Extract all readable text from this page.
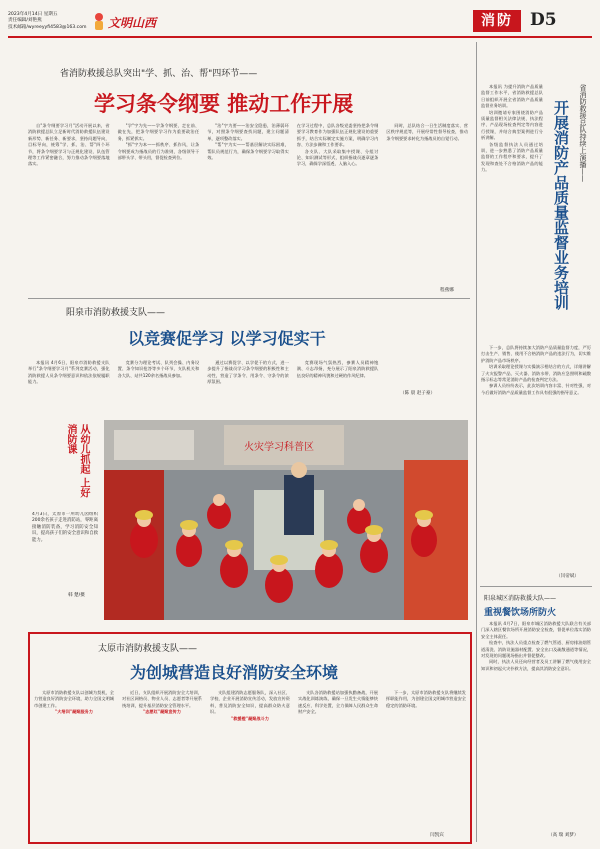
2023年4月14日 星期五
责任编辑/刘艳燕
技术邮箱/wyreeyyfi4583@163.com	文明山西	消防	D5
省消防救援总队突出"学、抓、治、帮"四环节——
学习条令纲要 推动工作开展

自"条令纲要学习月"活动开展以来，省消防救援总队立足新时代消防救援队伍建设新形势、新任务、新要求，坚持问题导向，目标导向，统筹"学、抓、治、帮"四个环节，将条令纲要学习与正规化建设、队伍管理等工作紧密融合，努力推动条令纲要落地落实。

"学"字为先——学条令纲要，走在前、做在先，把条令纲要学习作为重要政治任务，抓紧抓实。

"抓"字为本——抓秩序、抓作风，让条令纲要成为指战员的行为准则，各级领导干部带头学、带头用，督促检查到位。

"治"字为要——治安全隐患，治薄弱环节，对照条令纲要查找问题，建立问题清单，逐项整改落实。

"帮"字为实——帮基层解决实际困难，帮队员规范行为，确保条令纲要学习取得实效。

在学习过程中，总队各级党委坚持把条令纲要学习教育作为加强队伍正规化建设的重要抓手，结合实际制定实施方案，明确学习内容、方法步骤和工作要求。

各支队、大队采取集中授课、分组讨论、知识测试等形式，组织指战员逐章逐条学习，确保学深悟透、入脑入心。

同时，总队结合一日生活制度落实、营区秩序规范等，开展经常性督导检查，推动条令纲要要求转化为指战员的自觉行动。

程燕娜
阳泉市消防救援支队——
以竞赛促学习 以学习促实干

本报讯 4月6日，阳泉市消防救援支队举行"条令纲要学习月"系列竞赛活动，强化消防救援人员条令纲要意识和依法依规履职能力。

竞赛分为理论考试、队列会操、内务设置、条令知识抢答等多个环节，支队机关和各大队、站共120余名指战员参加。

通过以赛促学、以学促干的方式，进一步提升了指战员学习条令纲要的积极性和主动性，营造了学条令、用条令、守条令的浓厚氛围。

竞赛现场气氛热烈，参赛人员精神饱满、斗志昂扬，充分展示了阳泉消防救援队伍良好的精神风貌和过硬的作风纪律。

（陈 晨 赵子豪）
从幼儿抓起 上好消防课
4月3日，太原市一所幼儿园组织200余名孩子走进消防站，零距离接触消防装备，学习消防安全知识，提高孩子们的安全意识和自救能力。
韩 楚/摄
火灾学习科普区
太原市消防救援支队——
为创城营造良好消防安全环境

太原市消防救援支队以创城为契机，全力营造良好消防安全环境，助力全国文明城市创建工作。

"大培训"凝聚服务力

近日，支队组织开展消防安全大培训，对社区网格员、物业人员、志愿者等开展系统培训，提升基层消防安全管理水平。

"志愿红"凝聚宣传力

支队组建消防志愿服务队，深入社区、学校、企业开展消防宣传活动，发放宣传资料，普及消防安全知识，提高群众防火意识。

"救援橙"凝聚战斗力

支队各消防救援站加强执勤备战，开展实战化训练演练，确保一旦发生火情能够快速反应、科学处置，全力保障人民群众生命财产安全。

下一步，太原市消防救援支队将继续发挥职能作用，为创建全国文明城市营造安全稳定的消防环境。

闫凯宾
省消防救援总队持续上演播——
开展消防产品质量监督业务培训

本报讯 为提升消防产品质量监督工作水平，省消防救援总队日前组织开展全省消防产品质量监督业务培训。

培训邀请专家围绕消防产品质量监督相关法律法规、执法程序、产品现场检查判定等内容进行授课，并结合典型案例进行分析讲解。

各级监督执法人员通过培训，进一步熟悉了消防产品质量监督的工作程序和要求，提升了发现和查处不合格消防产品的能力。

下一步，总队将持续加大消防产品质量监督力度，严厉打击生产、销售、使用不合格消防产品的违法行为，切实维护消防产品市场秩序。

培训采取理论授课与实操演示相结合的方式，详细讲解了火灾报警产品、灭火器、消防水带、消防应急照明和疏散指示标志等常见消防产品的检查判定方法。

参训人员纷纷表示，此次培训内容丰富、针对性强，对今后做好消防产品质量监督工作具有很强的指导意义。

（闫帝斌）
阳泉城区消防救援大队——
重视餐饮场所防火

本报讯 4月7日，阳泉市城区消防救援大队联合有关部门深入辖区餐饮场所开展消防安全检查，督促单位落实消防安全主体责任。

检查中，执法人员重点检查了燃气管道、厨房排油烟管道清洗、消防设施器材配置、安全出口及疏散通道等情况，对发现的问题现场指出并督促整改。

同时，执法人员还向经营者及员工讲解了燃气使用安全知识和初起火灾扑救方法，提高其消防安全意识。

（高 瑞 刘梦）
